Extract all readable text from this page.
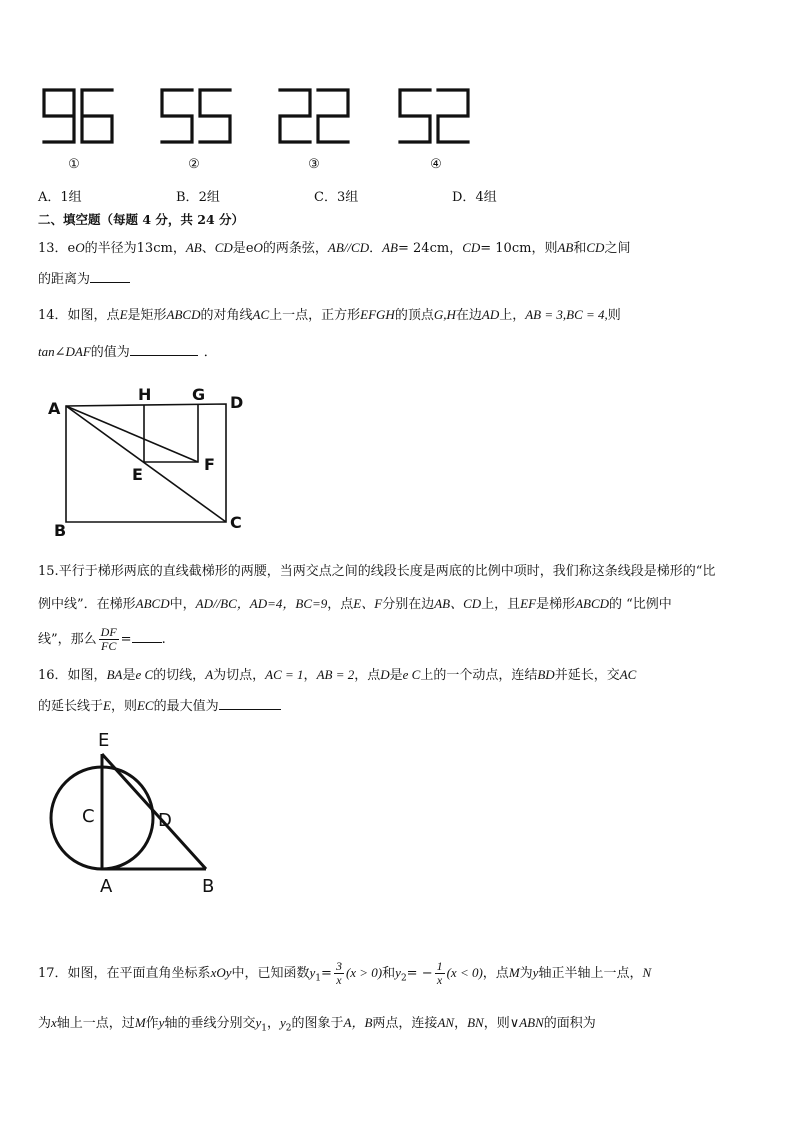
①	②	③	④
A．1组	B．2组	C．3组	D．4组
二、填空题（每题 4 分，共 24 分）
13．eO的半径为13cm，AB、CD是eO的两条弦，AB//CD．AB= 24cm，CD= 10cm，则AB和CD之间
的距离为
14．如图，点E是矩形ABCD的对角线AC上一点，正方形EFGH的顶点G,H在边AD上，AB = 3,BC = 4,则
tan∠DAF的值为	．
A
H	G D
E
F
B	C
15.平行于梯形两底的直线截梯形的两腰，当两交点之间的线段长度是两底的比例中项时，我们称这条线段是梯形的“比
例中线”．在梯形ABCD中，AD//BC，AD=4，BC=9，点E、F分别在边AB、CD上，且EF是梯形ABCD的 “比例中
线”，那么 $\frac{DF}{FC}$ = .
16．如图，BA是e C的切线，A为切点，AC = 1，AB = 2，点D是e C上的一个动点，连结BD并延长，交AC
的延长线于E，则EC的最大值为
E
C	D
A	B
17．如图，在平面直角坐标系xOy中，已知函数$y_1= \frac{3}{x} (x > 0)$和$y_2= - \frac{1}{x} (x < 0)$，点M为y轴正半轴上一点，N
为x轴上一点，过M作y轴的垂线分别交$y_1$，$y_2$的图象于A，B两点，连接AN，BN，则∨ABN的面积为
